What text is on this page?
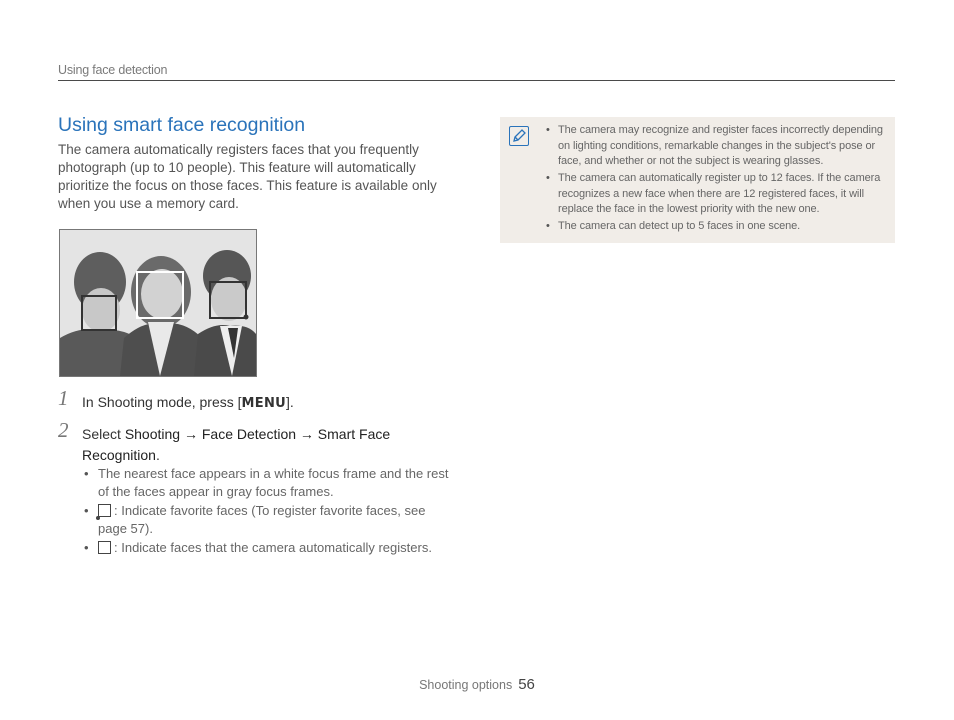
Using face detection
Using smart face recognition
The camera automatically registers faces that you frequently photograph (up to 10 people). This feature will automatically prioritize the focus on those faces. This feature is available only when you use a memory card.
1 In Shooting mode, press [MENU].
2 Select Shooting → Face Detection → Smart Face Recognition.
• The nearest face appears in a white focus frame and the rest of the faces appear in gray focus frames.
• : Indicate favorite faces (To register favorite faces, see page 57).
• : Indicate faces that the camera automatically registers.
• The camera may recognize and register faces incorrectly depending on lighting conditions, remarkable changes in the subject's pose or face, and whether or not the subject is wearing glasses.
• The camera can automatically register up to 12 faces. If the camera recognizes a new face when there are 12 registered faces, it will replace the face in the lowest priority with the new one.
• The camera can detect up to 5 faces in one scene.
Shooting options 56
